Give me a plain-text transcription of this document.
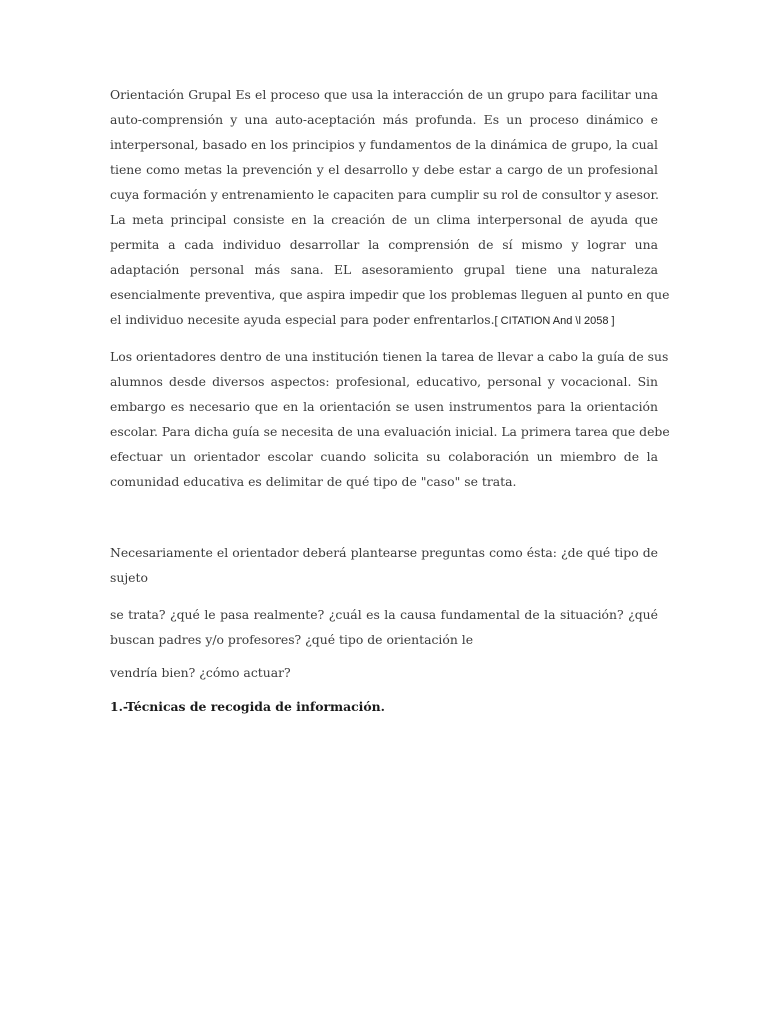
Orientación Grupal Es el proceso que usa la interacción de un grupo para facilitar una
auto-comprensión y una auto-aceptación más profunda. Es un proceso dinámico e
interpersonal, basado en los principios y fundamentos de la dinámica de grupo, la cual
tiene como metas la prevención y el desarrollo y debe estar a cargo de un profesional
cuya formación y entrenamiento le capaciten para cumplir su rol de consultor y asesor.
La meta principal consiste en la creación de un clima interpersonal de ayuda que
permita a cada individuo desarrollar la comprensión de sí mismo y lograr una
adaptación personal más sana. EL asesoramiento grupal tiene una naturaleza
esencialmente preventiva, que aspira impedir que los problemas lleguen al punto en que
el individuo necesite ayuda especial para poder enfrentarlos.[ CITATION And \l 2058 ]

Los orientadores dentro de una institución tienen la tarea de llevar a cabo la guía de sus
alumnos desde diversos aspectos: profesional, educativo, personal y vocacional. Sin
embargo es necesario que en la orientación se usen instrumentos para la orientación
escolar. Para dicha guía se necesita de una evaluación inicial. La primera tarea que debe
efectuar un orientador escolar cuando solicita su colaboración un miembro de la
comunidad educativa es delimitar de qué tipo de "caso" se trata.

Necesariamente el orientador deberá plantearse preguntas como ésta: ¿de qué tipo de
sujeto

se trata? ¿qué le pasa realmente? ¿cuál es la causa fundamental de la situación? ¿qué
buscan padres y/o profesores? ¿qué tipo de orientación le

vendría bien? ¿cómo actuar?

1.-Técnicas de recogida de información.
